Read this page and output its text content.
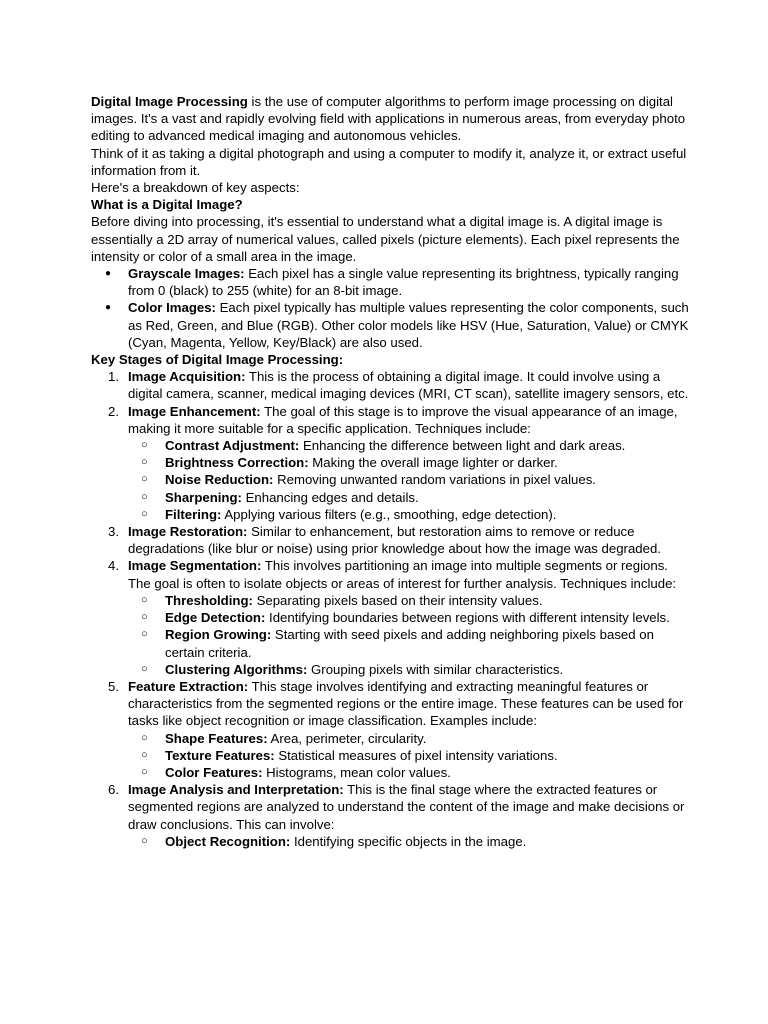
Digital Image Processing is the use of computer algorithms to perform image processing on digital images. It's a vast and rapidly evolving field with applications in numerous areas, from everyday photo editing to advanced medical imaging and autonomous vehicles.

Think of it as taking a digital photograph and using a computer to modify it, analyze it, or extract useful information from it.

Here's a breakdown of key aspects:

What is a Digital Image?

Before diving into processing, it's essential to understand what a digital image is. A digital image is essentially a 2D array of numerical values, called pixels (picture elements). Each pixel represents the intensity or color of a small area in the image.

● Grayscale Images: Each pixel has a single value representing its brightness, typically ranging from 0 (black) to 255 (white) for an 8-bit image.
● Color Images: Each pixel typically has multiple values representing the color components, such as Red, Green, and Blue (RGB). Other color models like HSV (Hue, Saturation, Value) or CMYK (Cyan, Magenta, Yellow, Key/Black) are also used.

Key Stages of Digital Image Processing:

1. Image Acquisition: This is the process of obtaining a digital image. It could involve using a digital camera, scanner, medical imaging devices (MRI, CT scan), satellite imagery sensors, etc.
2. Image Enhancement: The goal of this stage is to improve the visual appearance of an image, making it more suitable for a specific application. Techniques include:
○ Contrast Adjustment: Enhancing the difference between light and dark areas.
○ Brightness Correction: Making the overall image lighter or darker.
○ Noise Reduction: Removing unwanted random variations in pixel values.
○ Sharpening: Enhancing edges and details.
○ Filtering: Applying various filters (e.g., smoothing, edge detection).
3. Image Restoration: Similar to enhancement, but restoration aims to remove or reduce degradations (like blur or noise) using prior knowledge about how the image was degraded.
4. Image Segmentation: This involves partitioning an image into multiple segments or regions. The goal is often to isolate objects or areas of interest for further analysis. Techniques include:
○ Thresholding: Separating pixels based on their intensity values.
○ Edge Detection: Identifying boundaries between regions with different intensity levels.
○ Region Growing: Starting with seed pixels and adding neighboring pixels based on certain criteria.
○ Clustering Algorithms: Grouping pixels with similar characteristics.
5. Feature Extraction: This stage involves identifying and extracting meaningful features or characteristics from the segmented regions or the entire image. These features can be used for tasks like object recognition or image classification. Examples include:
○ Shape Features: Area, perimeter, circularity.
○ Texture Features: Statistical measures of pixel intensity variations.
○ Color Features: Histograms, mean color values.
6. Image Analysis and Interpretation: This is the final stage where the extracted features or segmented regions are analyzed to understand the content of the image and make decisions or draw conclusions. This can involve:
○ Object Recognition: Identifying specific objects in the image.
